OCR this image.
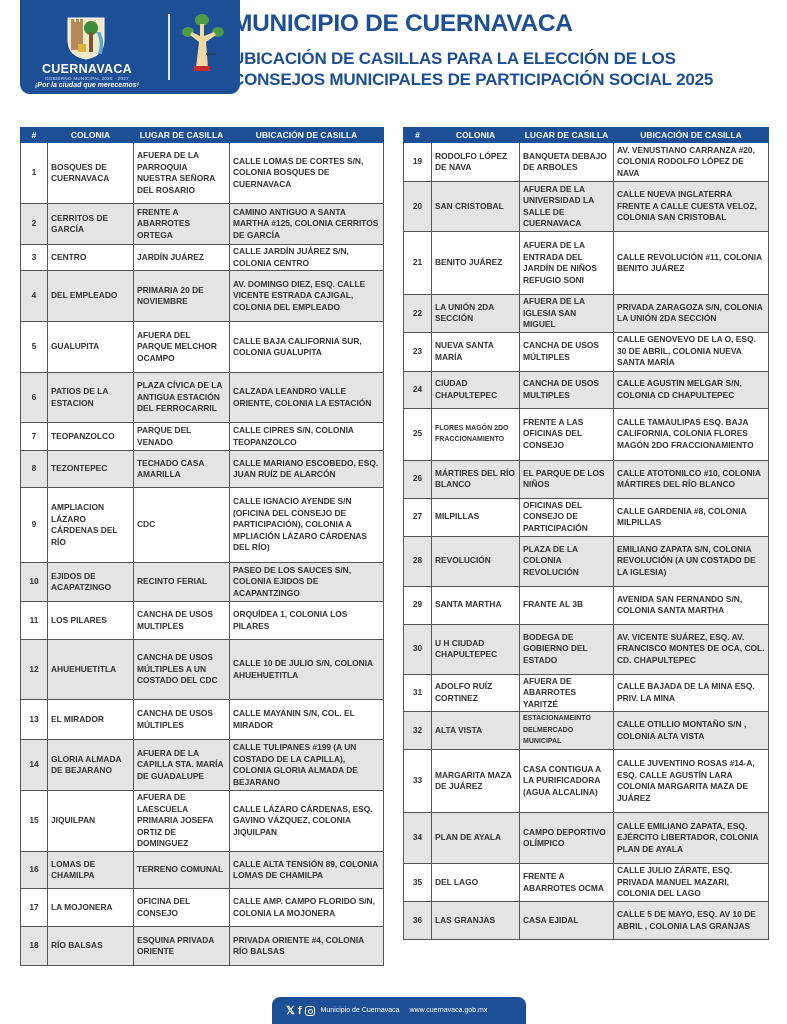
CUERNAVACA
GOBIERNO MUNICIPAL 2025 - 2027
¡Por la ciudad que merecemos!
MUNICIPIO DE CUERNAVACA
UBICACIÓN DE CASILLAS PARA LA ELECCIÓN DE LOS
CONSEJOS MUNICIPALES DE PARTICIPACIÓN SOCIAL 2025
#	COLONIA	LUGAR DE CASILLA	UBICACIÓN DE CASILLA
1	BOSQUES DE CUERNAVACA	AFUERA DE LA PARROQUIA NUESTRA SEÑORA DEL ROSARIO	CALLE LOMAS DE CORTES S/N, COLONIA BOSQUES DE CUERNAVACA
2	CERRITOS DE GARCÍA	FRENTE A ABARROTES ORTEGA	CAMINO ANTIGUO A SANTA MARTHA #125, COLONIA CERRITOS DE GARCÍA
3	CENTRO	JARDÍN JUÁREZ	CALLE JARDÍN JUÁREZ S/N, COLONIA CENTRO
4	DEL EMPLEADO	PRIMARIA 20 DE NOVIEMBRE	AV. DOMINGO DIEZ, ESQ. CALLE VICENTE ESTRADA CAJIGAL, COLONIA DEL EMPLEADO
5	GUALUPITA	AFUERA DEL PARQUE MELCHOR OCAMPO	CALLE BAJA CALIFORNIA SUR, COLONIA GUALUPITA
6	PATIOS DE LA ESTACION	PLAZA CÍVICA DE LA ANTIGUA ESTACIÓN DEL FERROCARRIL	CALZADA LEANDRO VALLE ORIENTE, COLONIA LA ESTACIÓN
7	TEOPANZOLCO	PARQUE DEL VENADO	CALLE CIPRES S/N, COLONIA TEOPANZOLCO
8	TEZONTEPEC	TECHADO CASA AMARILLA	CALLE MARIANO ESCOBEDO, ESQ. JUAN RUÍZ DE ALARCÓN
9	AMPLIACION LÁZARO CÁRDENAS DEL RÍO	CDC	CALLE IGNACIO AYENDE S/N (OFICINA DEL CONSEJO DE PARTICIPACIÓN), COLONIA A MPLIACIÓN LÁZARO CÁRDENAS DEL RÍO)
10	EJIDOS DE ACAPATZINGO	RECINTO FERIAL	PASEO DE LOS SAUCES S/N, COLONIA EJIDOS DE ACAPANTZINGO
11	LOS PILARES	CANCHA DE USOS MULTIPLES	ORQUÍDEA 1, COLONIA LOS PILARES
12	AHUEHUETITLA	CANCHA DE USOS MÚLTIPLES A UN COSTADO DEL CDC	CALLE 10 DE JULIO S/N, COLONIA AHUEHUETITLA
13	EL MIRADOR	CANCHA DE USOS MÚLTIPLES	CALLE MAYANIN S/N, COL. EL MIRADOR
14	GLORIA ALMADA DE BEJARANO	AFUERA DE LA CAPILLA STA. MARÍA DE GUADALUPE	CALLE TULIPANES #199 (A UN COSTADO DE LA CAPILLA), COLONIA GLORIA ALMADA DE BEJARANO
15	JIQUILPAN	AFUERA DE LAESCUELA PRIMARIA JOSEFA ORTIZ DE DOMINGUEZ	CALLE LÁZARO CÁRDENAS, ESQ. GAVINO VÁZQUEZ, COLONIA JIQUILPAN
16	LOMAS DE CHAMILPA	TERRENO COMUNAL	CALLE ALTA TENSIÓN 89, COLONIA LOMAS DE CHAMILPA
17	LA MOJONERA	OFICINA DEL CONSEJO	CALLE AMP. CAMPO FLORIDO S/N, COLONIA LA MOJONERA
18	RÍO BALSAS	ESQUINA PRIVADA ORIENTE	PRIVADA ORIENTE #4, COLONIA RÍO BALSAS
#	COLONIA	LUGAR DE CASILLA	UBICACIÓN DE CASILLA
19	RODOLFO LÓPEZ DE NAVA	BANQUETA DEBAJO DE ARBOLES	AV. VENUSTIANO CARRANZA #20, COLONIA RODOLFO LÓPEZ DE NAVA
20	SAN CRISTOBAL	AFUERA DE LA UNIVERSIDAD LA SALLE DE CUERNAVACA	CALLE NUEVA INGLATERRA FRENTE A CALLE CUESTA VELOZ, COLONIA SAN CRISTOBAL
21	BENITO JUÁREZ	AFUERA DE LA ENTRADA DEL JARDÍN DE NIÑOS REFUGIO SONI	CALLE REVOLUCIÓN #11, COLONIA BENITO JUÁREZ
22	LA UNIÓN 2DA SECCIÓN	AFUERA DE LA IGLESIA SAN MIGUEL	PRIVADA ZARAGOZA S/N, COLONIA LA UNIÓN 2DA SECCIÓN
23	NUEVA SANTA MARÍA	CANCHA DE USOS MÚLTIPLES	CALLE GENOVEVO DE LA O, ESQ. 30 DE ABRIL, COLONIA NUEVA SANTA MARÍA
24	CIUDAD CHAPULTEPEC	CANCHA DE USOS MULTIPLES	CALLE AGUSTIN MELGAR S/N, COLONIA CD CHAPULTEPEC
25	FLORES MAGÓN 2DO FRACCIONAMIENTO	FRENTE A LAS OFICINAS DEL CONSEJO	CALLE TAMAULIPAS ESQ. BAJA CALIFORNIA, COLONIA FLORES MAGÓN 2DO FRACCIONAMIENTO
26	MÁRTIRES DEL RÍO BLANCO	EL PARQUE DE LOS NIÑOS	CALLE ATOTONILCO #10, COLONIA MÁRTIRES DEL RÍO BLANCO
27	MILPILLAS	OFICINAS DEL CONSEJO DE PARTICIPACIÓN	CALLE GARDENIA #8, COLONIA MILPILLAS
28	REVOLUCIÓN	PLAZA DE LA COLONIA REVOLUCIÓN	EMILIANO ZAPATA S/N, COLONIA REVOLUCIÓN (A UN COSTADO DE LA IGLESIA)
29	SANTA MARTHA	FRANTE AL 3B	AVENIDA SAN FERNANDO S/N, COLONIA SANTA MARTHA
30	U H CIUDAD CHAPULTEPEC	BODEGA DE GOBIERNO DEL ESTADO	AV. VICENTE SUÁREZ, ESQ. AV. FRANCISCO MONTES DE OCA, COL. CD. CHAPULTEPEC
31	ADOLFO RUÍZ CORTINEZ	AFUERA DE ABARROTES YARITZÉ	CALLE BAJADA DE LA MINA ESQ. PRIV. LA MINA
32	ALTA VISTA	ESTACIONAMEINTO DELMERCADO MUNICIPAL	CALLE OTILLIO MONTAÑO S/N , COLONIA ALTA VISTA
33	MARGARITA MAZA DE JUÁREZ	CASA CONTIGUA A LA PURIFICADORA (AGUA ALCALINA)	CALLE JUVENTINO ROSAS #14-A, ESQ. CALLE AGUSTÍN LARA COLONIA MARGARITA MAZA DE JUÁREZ
34	PLAN DE AYALA	CAMPO DEPORTIVO OLÍMPICO	CALLE EMILIANO ZAPATA, ESQ. EJÉRCITO LIBERTADOR, COLONIA PLAN DE AYALA
35	DEL LAGO	FRENTE A ABARROTES OCMA	CALLE JULIO ZÁRATE, ESQ. PRIVADA MANUEL MAZARI, COLONIA DEL LAGO
36	LAS GRANJAS	CASA EJIDAL	CALLE 5 DE MAYO, ESQ. AV 10 DE ABRIL , COLONIA LAS GRANJAS
𝕏 f	Municipio de Cuernavaca www.cuernavaca.gob.mx
